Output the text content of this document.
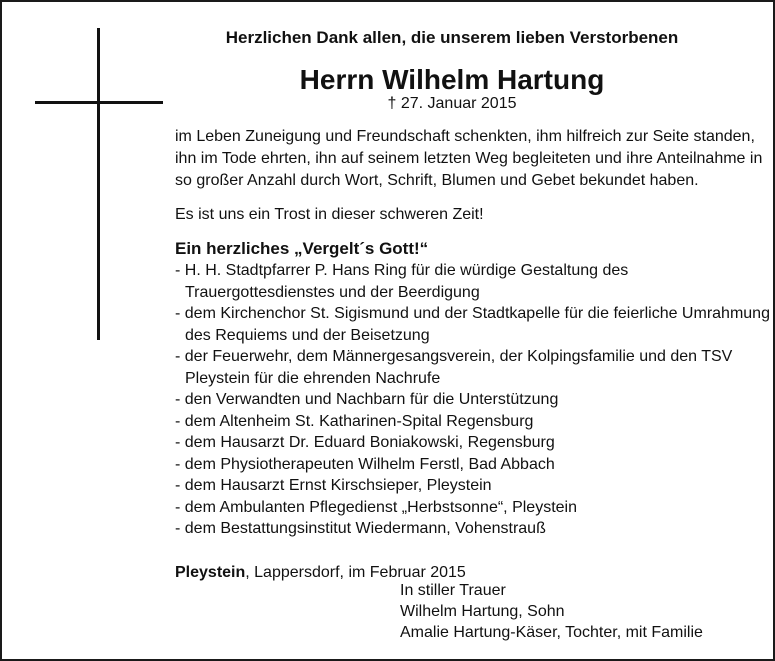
Herzlichen Dank allen, die unserem lieben Verstorbenen
Herrn Wilhelm Hartung
† 27. Januar 2015

im Leben Zuneigung und Freundschaft schenkten, ihm hilfreich zur Seite standen, ihn im Tode ehrten, ihn auf seinem letzten Weg begleiteten und ihre Anteilnahme in so großer Anzahl durch Wort, Schrift, Blumen und Gebet bekundet haben.

Es ist uns ein Trost in dieser schweren Zeit!

Ein herzliches „Vergelt´s Gott!“

- H. H. Stadtpfarrer P. Hans Ring für die würdige Gestaltung des Trauergottesdienstes und der Beerdigung
- dem Kirchenchor St. Sigismund und der Stadtkapelle für die feierliche Umrahmung des Requiems und der Beisetzung
- der Feuerwehr, dem Männergesangsverein, der Kolpingsfamilie und den TSV Pleystein für die ehrenden Nachrufe
- den Verwandten und Nachbarn für die Unterstützung
- dem Altenheim St. Katharinen-Spital Regensburg
- dem Hausarzt Dr. Eduard Boniakowski, Regensburg
- dem Physiotherapeuten Wilhelm Ferstl, Bad Abbach
- dem Hausarzt Ernst Kirschsieper, Pleystein
- dem Ambulanten Pflegedienst „Herbstsonne“, Pleystein
- dem Bestattungsinstitut Wiedermann, Vohenstrauß

Pleystein, Lappersdorf, im Februar 2015

In stiller Trauer
Wilhelm Hartung, Sohn
Amalie Hartung-Käser, Tochter, mit Familie
